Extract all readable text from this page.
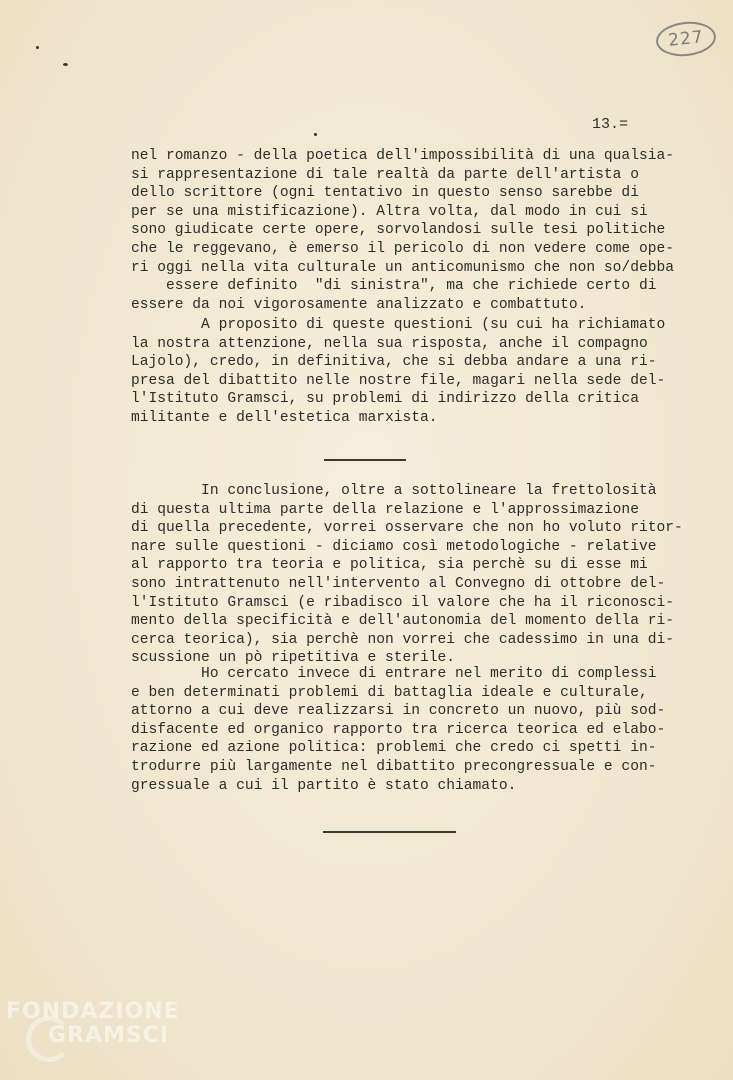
227
13.=
nel romanzo - della poetica dell'impossibilità di una qualsia-
si rappresentazione di tale realtà da parte dell'artista o
dello scrittore (ogni tentativo in questo senso sarebbe di
per se una mistificazione). Altra volta, dal modo in cui si
sono giudicate certe opere, sorvolandosi sulle tesi politiche
che le reggevano, è emerso il pericolo di non vedere come ope-
ri oggi nella vita culturale un anticomunismo che non so/debba
essere definito  "di sinistra", ma che richiede certo di
essere da noi vigorosamente analizzato e combattuto.
A proposito di queste questioni (su cui ha richiamato
la nostra attenzione, nella sua risposta, anche il compagno
Lajolo), credo, in definitiva, che si debba andare a una ri-
presa del dibattito nelle nostre file, magari nella sede del-
l'Istituto Gramsci, su problemi di indirizzo della critica
militante e dell'estetica marxista.
In conclusione, oltre a sottolineare la frettolosità
di questa ultima parte della relazione e l'approssimazione
di quella precedente, vorrei osservare che non ho voluto ritor-
nare sulle questioni - diciamo così metodologiche - relative
al rapporto tra teoria e politica, sia perchè su di esse mi
sono intrattenuto nell'intervento al Convegno di ottobre del-
l'Istituto Gramsci (e ribadisco il valore che ha il riconosci-
mento della specificità e dell'autonomia del momento della ri-
cerca teorica), sia perchè non vorrei che cadessimo in una di-
scussione un pò ripetitiva e sterile.
Ho cercato invece di entrare nel merito di complessi
e ben determinati problemi di battaglia ideale e culturale,
attorno a cui deve realizzarsi in concreto un nuovo, più sod-
disfacente ed organico rapporto tra ricerca teorica ed elabo-
razione ed azione politica: problemi che credo ci spetti in-
trodurre più largamente nel dibattito precongressuale e con-
gressuale a cui il partito è stato chiamato.
FONDAZIONE
GRAMSCI
